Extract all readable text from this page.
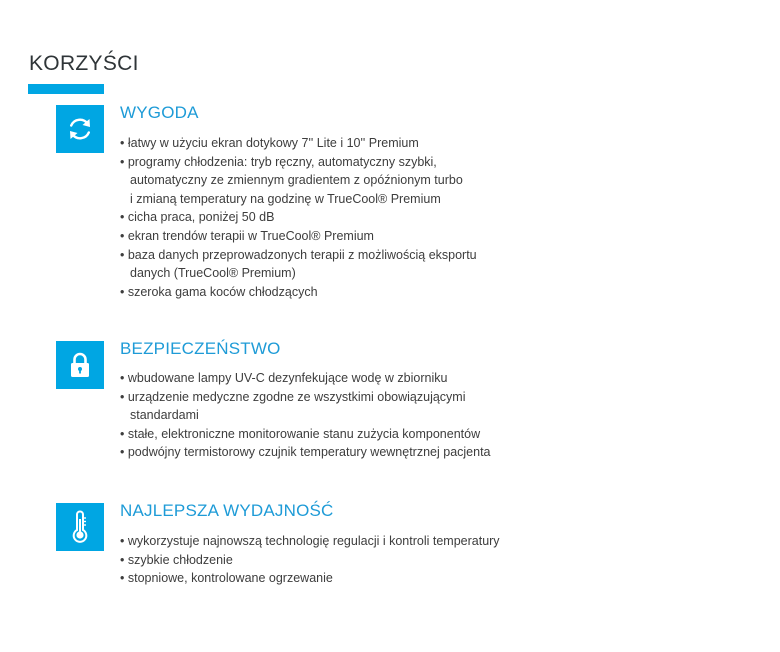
KORZYŚCI
WYGODA
• łatwy w użyciu ekran dotykowy 7'' Lite i 10'' Premium
• programy chłodzenia: tryb ręczny, automatyczny szybki,
automatyczny ze zmiennym gradientem z opóźnionym turbo
i zmianą temperatury na godzinę w TrueCool® Premium
• cicha praca, poniżej 50 dB
• ekran trendów terapii w TrueCool® Premium
• baza danych przeprowadzonych terapii z możliwością eksportu
danych (TrueCool® Premium)
• szeroka gama koców chłodzących
BEZPIECZEŃSTWO
• wbudowane lampy UV-C dezynfekujące wodę w zbiorniku
• urządzenie medyczne zgodne ze wszystkimi obowiązującymi
standardami
• stałe, elektroniczne monitorowanie stanu zużycia komponentów
• podwójny termistorowy czujnik temperatury wewnętrznej pacjenta
NAJLEPSZA WYDAJNOŚĆ
• wykorzystuje najnowszą technologię regulacji i kontroli temperatury
• szybkie chłodzenie
• stopniowe, kontrolowane ogrzewanie
